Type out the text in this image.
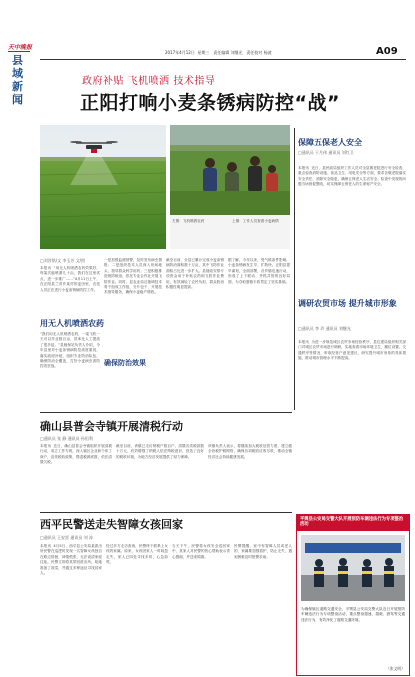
天中晚报
县域新闻
2017年4月12日 星期三 责任编辑 刘继光 责任校对 杨波	A09
政府补贴 飞机喷洒 技术指导
正阳打响小麦条锈病防控“战”
左图：飞机喷洒农药	上图：工作人员查看小麦病情
□刘冒铭/文 李玉芳 文/图
本报讯  “用无人机喷洒农药效果好，每架次能喷洒几十亩，我们在这里试点，进一步推广……”4月11日上午，在正阳县兰青乡某村的麦田里，农技人员正在进行小麦条锈病防控工作。
用无人机喷洒农药
“我们用无人机喷洒农药，一架飞机一天可以作业数百亩，效率比人工提高了很多倍。”县植保站负责人介绍，今年县里对小麦条锈病防控高度重视，落实政府补贴，组织专业防治队伍，确保防治全覆盖，打好小麦病虫害防控攻坚战。
一是加强监测预警，及时发布病虫情报；二是组织技术人员深入田间地头，指导群众科学用药；三是积极推进统防统治，依托专业合作社开展飞防作业。同时，县农业局还抽调技术骨干组成工作组，分片包干，开展技术指导服务，确保小麦稳产增收。
确保防治效果
截至目前，全县已累计完成小麦条锈病防治面积数十万亩，其中飞防作业面积占比进一步扩大。县财政安排专项资金用于补贴农药和飞防作业费用，有效减轻了农民负担，群众防治积极性明显提高。
据了解，今年以来，受气候条件影响，小麦条锈病发生早、扩散快。正阳县提早谋划，全面部署，各乡镇迅速行动，形成了上下联动、齐抓共管的良好局面，为夺取夏粮丰收奠定了坚实基础。
保障五保老人安全
□通讯员 于月伟 通讯员 刘红卫
本报讯  近日，县民政局组织工作人员对全县敬老院进行安全检查，重点检查消防设施、食品卫生、用电安全等方面，要求各敬老院落实安全责任，消除安全隐患，确保五保老人生活安全。检查中发现的问题当场督促整改，切实保障五保老人的生命财产安全。
调研农贸市场 提升城市形象
□通讯员 李 玲 通讯员 刘继光
本报讯  为进一步规范城区农贸市场经营秩序，县住建局组织相关部门对城区农贸市场进行调研，实地查看市场环境卫生、摊位设置、交通秩序等情况，听取经营户意见建议，研究提升城市形象的具体措施，推动城市管理水平不断提高。
确山县普会寺镇开展清税行动
□通讯员 张 静 通讯员 孙恒利
本报讯  近日，确山县普会寺镇组织开展清税行动，成立工作专班，深入辖区企业和个体工商户，宣传税收政策，摸清税源底数，依法清缴欠税。
截至目前，该镇已走访纳税户数百户，清缴各类税款数十万元，有效增强了纳税人依法纳税意识，营造了良好的税收环境，为地方经济发展提供了财力保障。
该镇负责人表示，将继续加大税收征管力度，建立健全协税护税网络，确保各项税收应收尽收，推动全镇经济社会持续健康发展。
西平民警送走失智障女孩回家
□通讯员 王安雷 通讯员 刘 涛
本报讯  4月5日，西平县公安局某派出所民警在巡逻时发现一名智障女孩独自在路边徘徊，神情慌张，无法说清家庭住址。民警立即将其带回派出所，给她准备了饭菜，并通过多种途径寻找其家人。
经过多方走访查询，民警终于联系上女孩的家属。原来，女孩因家人一时疏忽走失，家人已四处寻找多时，心急如焚。
当天下午，民警将女孩安全送回家中，其家人对民警的热心帮助表示衷心感谢，并送来锦旗。
民警提醒，家中有智障人员或老人的，家属要加强看护，防止走失，遇到困难及时报警求助。
平舆县公安局交警大队开展预防车辆违法行为专项整治活动
为确保辖区道路交通安全，平舆县公安局交警大队近日开展预防车辆违法行为专项整治活动，重点整治超速、超载、酒驾等交通违法行为，有效净化了道路交通环境。
（张文明）
